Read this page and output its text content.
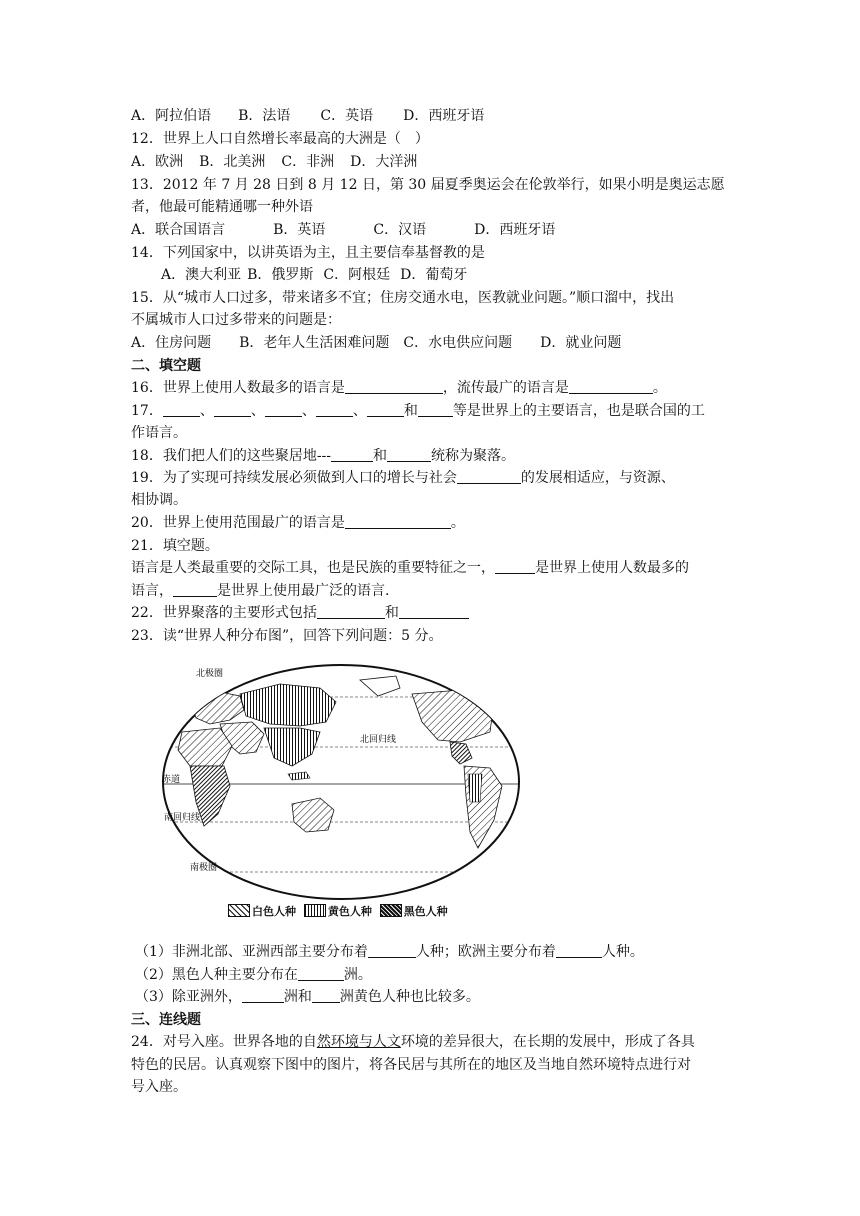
A．阿拉伯语 B．法语 C．英语 D．西班牙语
12．世界上人口自然增长率最高的大洲是（　）
A．欧洲 B．北美洲 C．非洲 D．大洋洲
13．2012 年 7 月 28 日到 8 月 12 日，第 30 届夏季奥运会在伦敦举行，如果小明是奥运志愿
者，他最可能精通哪一种外语
A．联合国语言	B．英语	C．汉语	D．西班牙语
14．下列国家中，以讲英语为主，且主要信奉基督教的是
A．澳大利亚 B．俄罗斯 C．阿根廷 D．葡萄牙
15．从“城市人口过多，带来诸多不宜；住房交通水电，医教就业问题。”顺口溜中，找出
不属城市人口过多带来的问题是：
A．住房问题 B．老年人生活困难问题 C．水电供应问题 D．就业问题
二、填空题
16．世界上使用人数最多的语言是	，流传最广的语言是	。
17．	、	、	、	、	和	等是世界上的主要语言，也是联合国的工
作语言。
18．我们把人们的这些聚居地---	和	统称为聚落。
19．为了实现可持续发展必须做到人口的增长与社会	的发展相适应，与资源、
相协调。
20．世界上使用范围最广的语言是	。
21．填空题。
语言是人类最重要的交际工具，也是民族的重要特征之一，	是世界上使用人数最多的
语言，	是世界上使用最广泛的语言.
22．世界聚落的主要形式包括	和
23．读“世界人种分布图”，回答下列问题：5 分。
北极圈
北回归线
赤道
南回归线
南极圈
白色人种	黄色人种	黑色人种
（1）非洲北部、亚洲西部主要分布着	人种；欧洲主要分布着	人种。
（2）黑色人种主要分布在	洲。
（3）除亚洲外，	洲和 洲黄色人种也比较多。
三、连线题
24．对号入座。世界各地的自然环境与人文环境的差异很大，在长期的发展中，形成了各具
特色的民居。认真观察下图中的图片，将各民居与其所在的地区及当地自然环境特点进行对
号入座。
